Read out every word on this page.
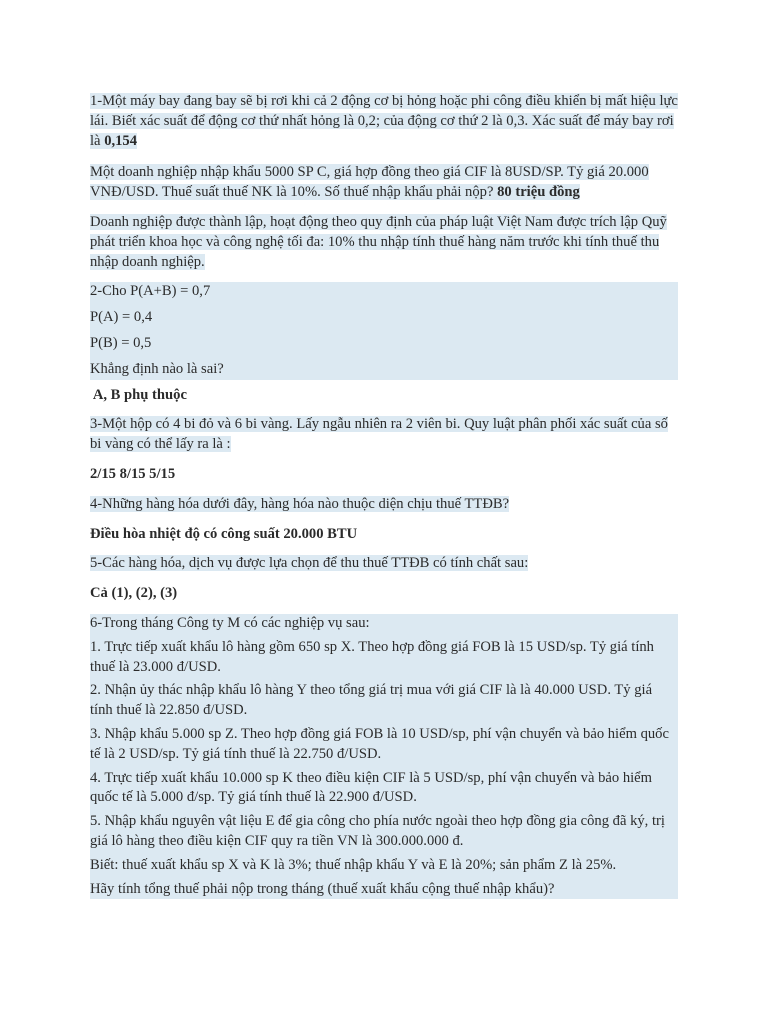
1-Một máy bay đang bay sẽ bị rơi khi cả 2 động cơ bị hỏng hoặc phi công điều khiển bị mất hiệu lực lái. Biết xác suất để động cơ thứ nhất hỏng là 0,2; của động cơ thứ 2 là 0,3. Xác suất để máy bay rơi là 0,154

Một doanh nghiệp nhập khẩu 5000 SP C, giá hợp đồng theo giá CIF là 8USD/SP. Tỷ giá 20.000 VNĐ/USD. Thuế suất thuế NK là 10%. Số thuế nhập khẩu phải nộp? 80 triệu đồng

Doanh nghiệp được thành lập, hoạt động theo quy định của pháp luật Việt Nam được trích lập Quỹ phát triển khoa học và công nghệ tối đa: 10% thu nhập tính thuế hàng năm trước khi tính thuế thu nhập doanh nghiệp.

2-Cho P(A+B) = 0,7

P(A) = 0,4

P(B) = 0,5

Khẳng định nào là sai?

A, B phụ thuộc

3-Một hộp có 4 bi đỏ và 6 bi vàng. Lấy ngẫu nhiên ra 2 viên bi. Quy luật phân phối xác suất của số bi vàng có thể lấy ra là :

2/15 8/15 5/15

4-Những hàng hóa dưới đây, hàng hóa nào thuộc diện chịu thuế TTĐB?

Điều hòa nhiệt độ có công suất 20.000 BTU

5-Các hàng hóa, dịch vụ được lựa chọn để thu thuế TTĐB có tính chất sau:

Cả (1), (2), (3)

6-Trong tháng Công ty M có các nghiệp vụ sau:

1. Trực tiếp xuất khẩu lô hàng gồm 650 sp X. Theo hợp đồng giá FOB là 15 USD/sp. Tỷ giá tính thuế là 23.000 đ/USD.

2. Nhận ủy thác nhập khẩu lô hàng Y theo tổng giá trị mua với giá CIF là là 40.000 USD. Tỷ giá tính thuế là 22.850 đ/USD.

3. Nhập khẩu 5.000 sp Z. Theo hợp đồng giá FOB là 10 USD/sp, phí vận chuyển và bảo hiểm quốc tế là 2 USD/sp. Tỷ giá tính thuế là 22.750 đ/USD.

4. Trực tiếp xuất khẩu 10.000 sp K theo điều kiện CIF là 5 USD/sp, phí vận chuyển và bảo hiểm quốc tế là 5.000 đ/sp. Tỷ giá tính thuế là 22.900 đ/USD.

5. Nhập khẩu nguyên vật liệu E để gia công cho phía nước ngoài theo hợp đồng gia công đã ký, trị giá lô hàng theo điều kiện CIF quy ra tiền VN là 300.000.000 đ.

Biết: thuế xuất khẩu sp X và K là 3%; thuế nhập khẩu Y và E là 20%; sản phẩm Z là 25%.

Hãy tính tổng thuế phải nộp trong tháng (thuế xuất khẩu cộng thuế nhập khẩu)?
